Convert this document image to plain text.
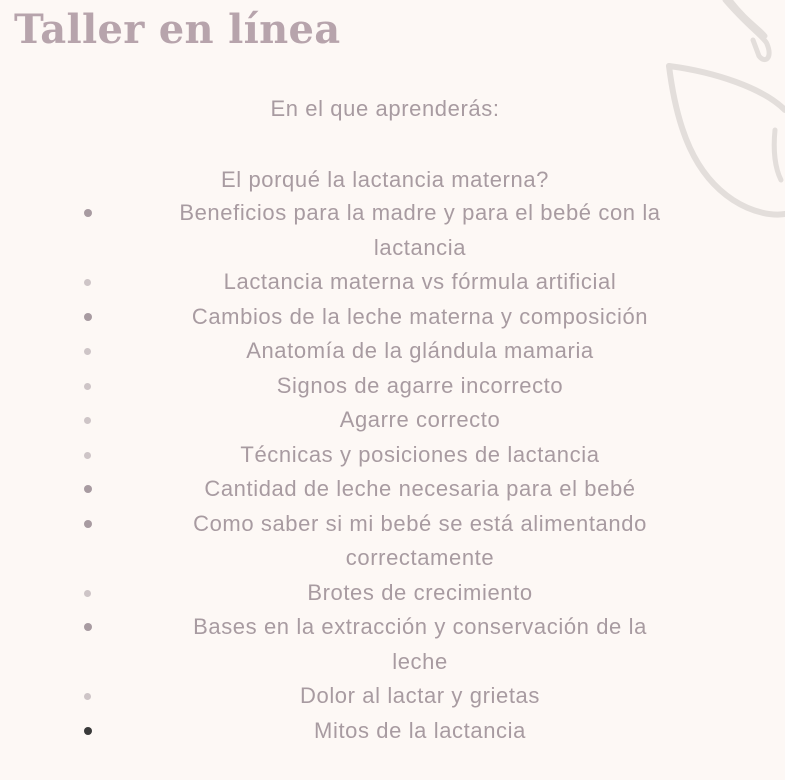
Taller en línea
En el que aprenderás:
El porqué la lactancia materna?
Beneficios para la madre y para el bebé con la
lactancia
Lactancia materna vs fórmula artificial
Cambios de la leche materna y composición
Anatomía de la glándula mamaria
Signos de agarre incorrecto
Agarre correcto
Técnicas y posiciones de lactancia
Cantidad de leche necesaria para el bebé
Como saber si mi bebé se está alimentando
correctamente
Brotes de crecimiento
Bases en la extracción y conservación de la
leche
Dolor al lactar y grietas
Mitos de la lactancia
